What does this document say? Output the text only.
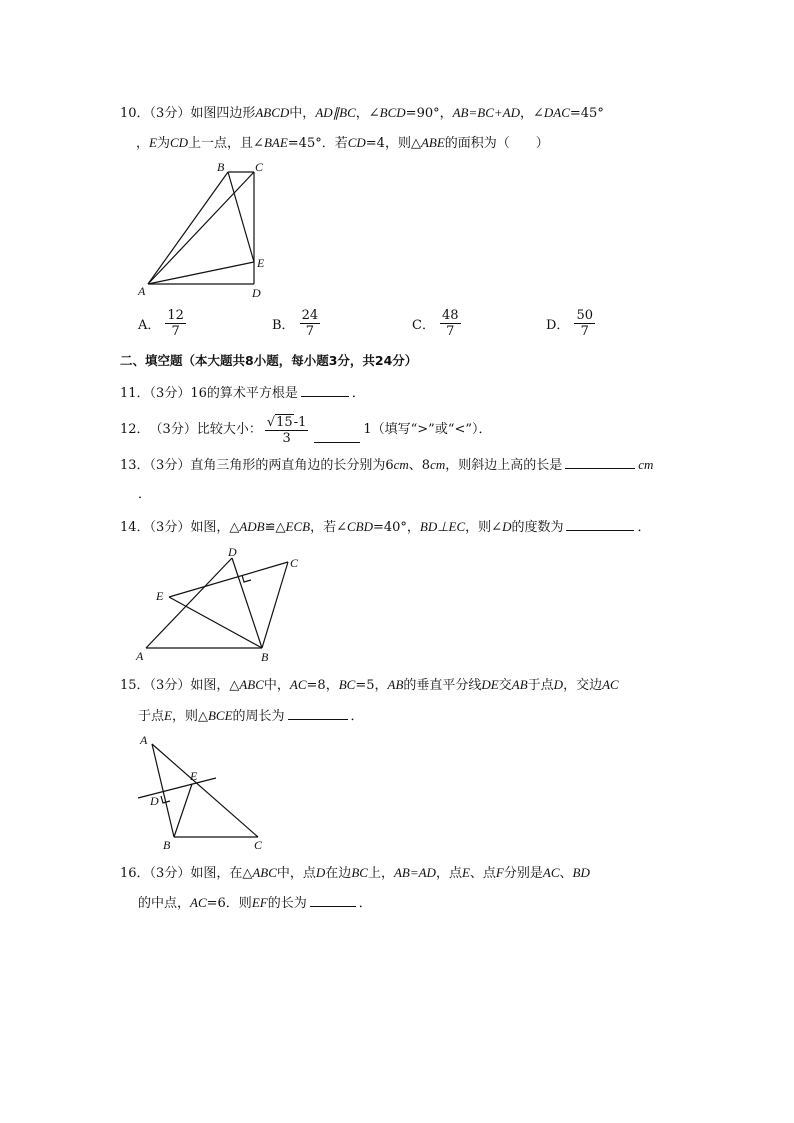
10．（3分）如图四边形ABCD中，AD∥BC，∠BCD=90°，AB=BC+AD，∠DAC=45°
，E为CD上一点，且∠BAE=45°．若CD=4，则△ABE的面积为（　　）
A
B	C
D
E
A． $\frac{12}{7}$	B． $\frac{24}{7}$	C． $\frac{48}{7}$	D． $\frac{50}{7}$
二、填空题（本大题共8小题，每小题3分，共24分）
11．（3分）16的算术平方根是	．
12． （3分） 比较大小： $\frac{√15-1}{3}$	1（填写“>”或“<”）．
13．（3分）直角三角形的两直角边的长分别为6cm、8cm，则斜边上高的长是	cm
．
14．（3分）如图，△ADB≌△ECB，若∠CBD=40°，BD⊥EC，则∠D的度数为	．
A	B
C
D
E
15．（3分）如图，△ABC中，AC=8，BC=5，AB的垂直平分线DE交AB于点D，交边AC
于点E，则△BCE的周长为	．
A
B	C
D
E
16．（3分）如图，在△ABC中，点D在边BC上，AB=AD，点E、点F分别是AC、BD
的中点，AC=6．则EF的长为	．
